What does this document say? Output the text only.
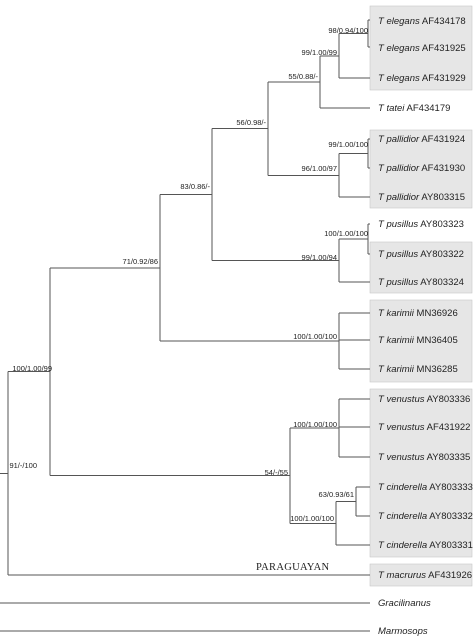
T elegans AF434178
T elegans AF431925
T elegans AF431929
T tatei AF434179
T pallidior AF431924
T pallidior AF431930
T pallidior AY803315
T pusillus AY803323
T pusillus AY803322
T pusillus AY803324
T karimii MN36926
T karimii MN36405
T karimii MN36285
T venustus AY803336
T venustus AF431922
T venustus AY803335
T cinderella AY803333
T cinderella AY803332
T cinderella AY803331
T macrurus AF431926
Gracilinanus
Marmosops
98/0.94/100
99/1.00/99
55/0.88/-
99/1.00/100
96/1.00/97
56/0.98/-
100/1.00/100
99/1.00/94
83/0.86/-
100/1.00/100
71/0.92/86
100/1.00/100
63/0.93/61
100/1.00/100
54/-/55
100/1.00/99
91/-/100
PARAGUAYAN
